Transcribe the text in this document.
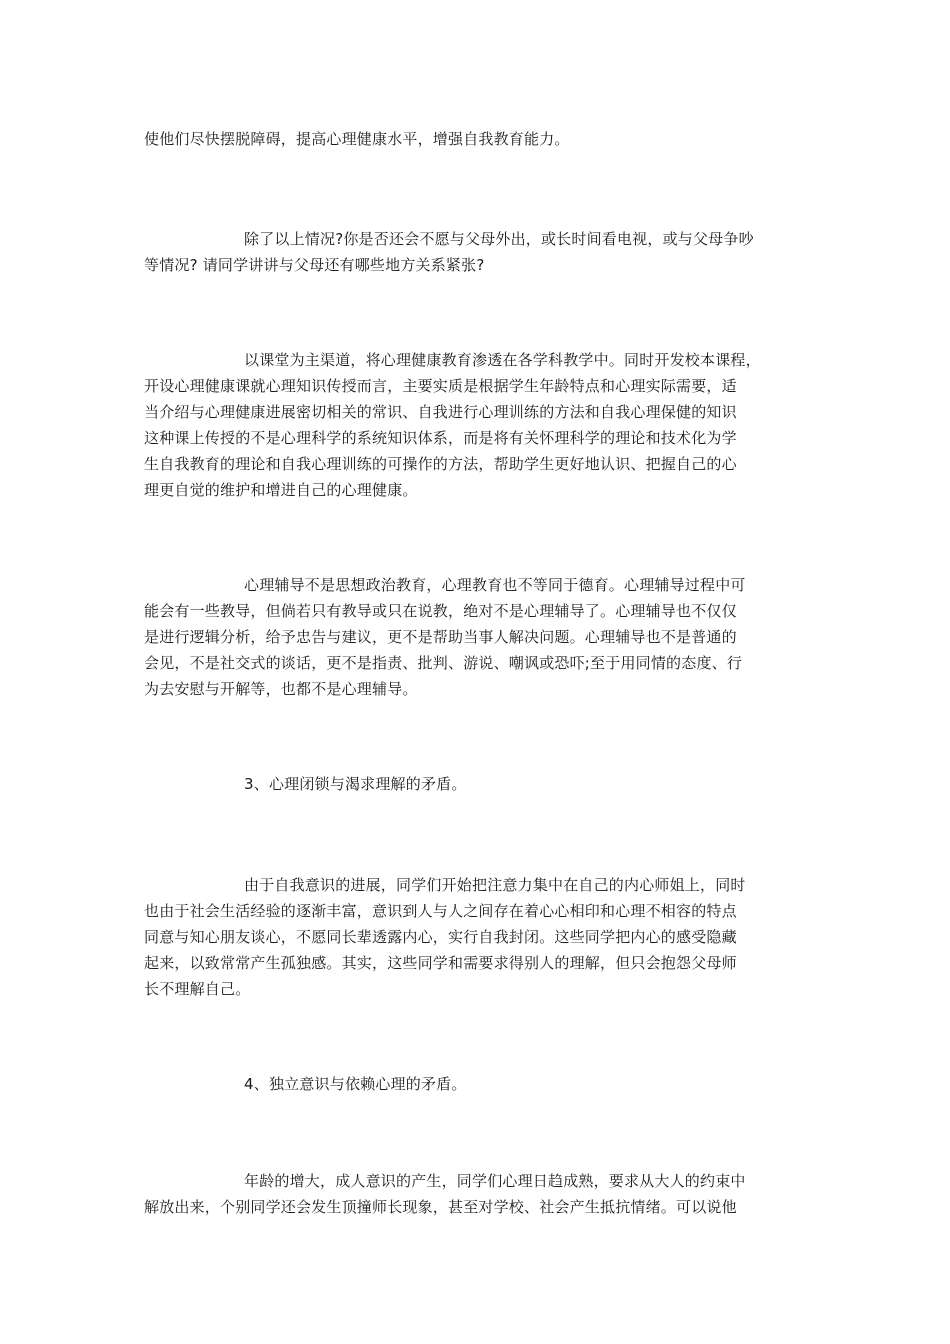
使他们尽快摆脱障碍，提高心理健康水平，增强自我教育能力。

除了以上情况?你是否还会不愿与父母外出，或长时间看电视，或与父母争吵
等情况? 请同学讲讲与父母还有哪些地方关系紧张?

以课堂为主渠道，将心理健康教育渗透在各学科教学中。同时开发校本课程，
开设心理健康课就心理知识传授而言，主要实质是根据学生年龄特点和心理实际需要，适
当介绍与心理健康进展密切相关的常识、自我进行心理训练的方法和自我心理保健的知识
这种课上传授的不是心理科学的系统知识体系，而是将有关怀理科学的理论和技术化为学
生自我教育的理论和自我心理训练的可操作的方法，帮助学生更好地认识、把握自己的心
理更自觉的维护和增进自己的心理健康。

心理辅导不是思想政治教育，心理教育也不等同于德育。心理辅导过程中可
能会有一些教导，但倘若只有教导或只在说教，绝对不是心理辅导了。心理辅导也不仅仅
是进行逻辑分析，给予忠告与建议，更不是帮助当事人解决问题。心理辅导也不是普通的
会见，不是社交式的谈话，更不是指责、批判、游说、嘲讽或恐吓;至于用同情的态度、行
为去安慰与开解等，也都不是心理辅导。

3、心理闭锁与渴求理解的矛盾。

由于自我意识的进展，同学们开始把注意力集中在自己的内心师姐上，同时
也由于社会生活经验的逐渐丰富，意识到人与人之间存在着心心相印和心理不相容的特点
同意与知心朋友谈心，不愿同长辈透露内心，实行自我封闭。这些同学把内心的感受隐藏
起来，以致常常产生孤独感。其实，这些同学和需要求得别人的理解，但只会抱怨父母师
长不理解自己。

4、独立意识与依赖心理的矛盾。

年龄的增大，成人意识的产生，同学们心理日趋成熟，要求从大人的约束中
解放出来，个别同学还会发生顶撞师长现象，甚至对学校、社会产生抵抗情绪。可以说他
